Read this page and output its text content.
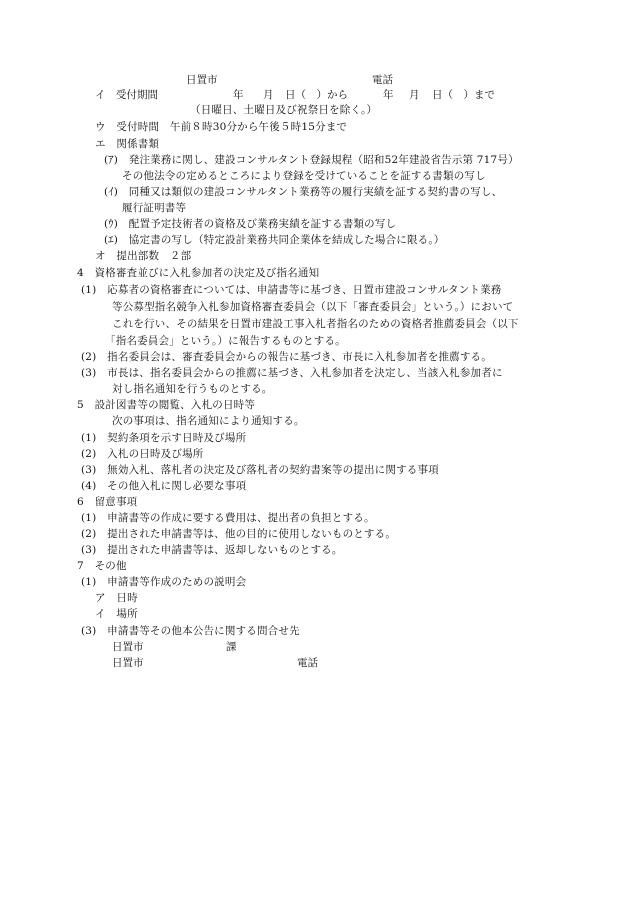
日置市	電話
イ　受付期間	年 月 日（　）から	年 月 日（　）まで
（日曜日、土曜日及び祝祭日を除く。）
ウ　受付時間　午前８時30分から午後５時15分まで
エ　関係書類
(ｱ)　発注業務に関し、建設コンサルタント登録規程（昭和52年建設省告示第 717号）
その他法令の定めるところにより登録を受けていることを証する書類の写し
(ｲ)　同種又は類似の建設コンサルタント業務等の履行実績を証する契約書の写し、
履行証明書等
(ｳ)　配置予定技術者の資格及び業務実績を証する書類の写し
(ｴ)　協定書の写し（特定設計業務共同企業体を結成した場合に限る。）
オ　提出部数　２部
4　資格審査並びに入札参加者の決定及び指名通知
(1)　応募者の資格審査については、申請書等に基づき、日置市建設コンサルタント業務
等公募型指名競争入札参加資格審査委員会（以下「審査委員会」という。）において
これを行い、その結果を日置市建設工事入札者指名のための資格者推薦委員会（以下
「指名委員会」という。）に報告するものとする。
(2)　指名委員会は、審査委員会からの報告に基づき、市長に入札参加者を推薦する。
(3)　市長は、指名委員会からの推薦に基づき、入札参加者を決定し、当該入札参加者に
対し指名通知を行うものとする。
5　設計図書等の閲覧、入札の日時等
次の事項は、指名通知により通知する。
(1)　契約条項を示す日時及び場所
(2)　入札の日時及び場所
(3)　無効入札、落札者の決定及び落札者の契約書案等の提出に関する事項
(4)　その他入札に関し必要な事項
6　留意事項
(1)　申請書等の作成に要する費用は、提出者の負担とする。
(2)　提出された申請書等は、他の目的に使用しないものとする。
(3)　提出された申請書等は、返却しないものとする。
7　その他
(1)　申請書等作成のための説明会
ア　日時
イ　場所
(3)　申請書等その他本公告に関する問合せ先
日置市	課
日置市	電話
